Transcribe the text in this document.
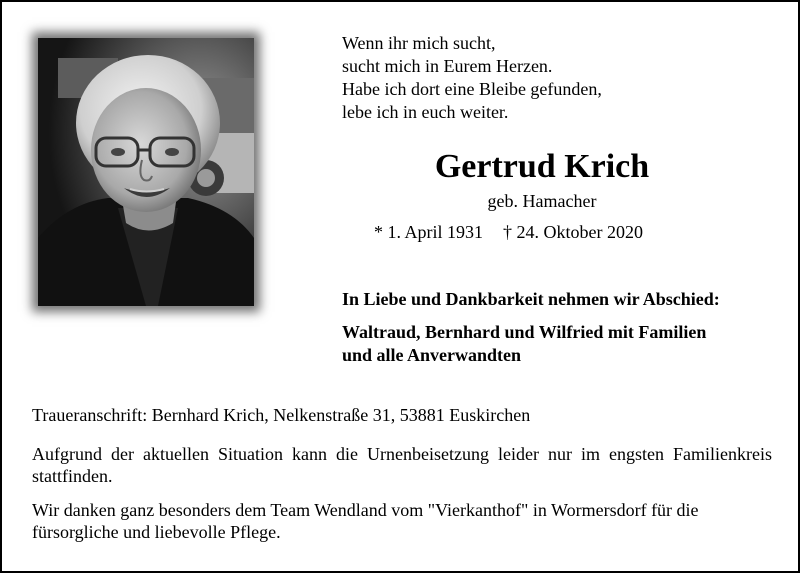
Wenn ihr mich sucht,
sucht mich in Eurem Herzen.
Habe ich dort eine Bleibe gefunden,
lebe ich in euch weiter.
Gertrud Krich
geb. Hamacher
* 1. April 1931 † 24. Oktober 2020
In Liebe und Dankbarkeit nehmen wir Abschied:
Waltraud, Bernhard und Wilfried mit Familien
und alle Anverwandten
Traueranschrift: Bernhard Krich, Nelkenstraße 31, 53881 Euskirchen
Aufgrund der aktuellen Situation kann die Urnenbeisetzung leider nur im engsten Familienkreis stattfinden.
Wir danken ganz besonders dem Team Wendland vom "Vierkanthof" in Wormersdorf für die fürsorgliche und liebevolle Pflege.
